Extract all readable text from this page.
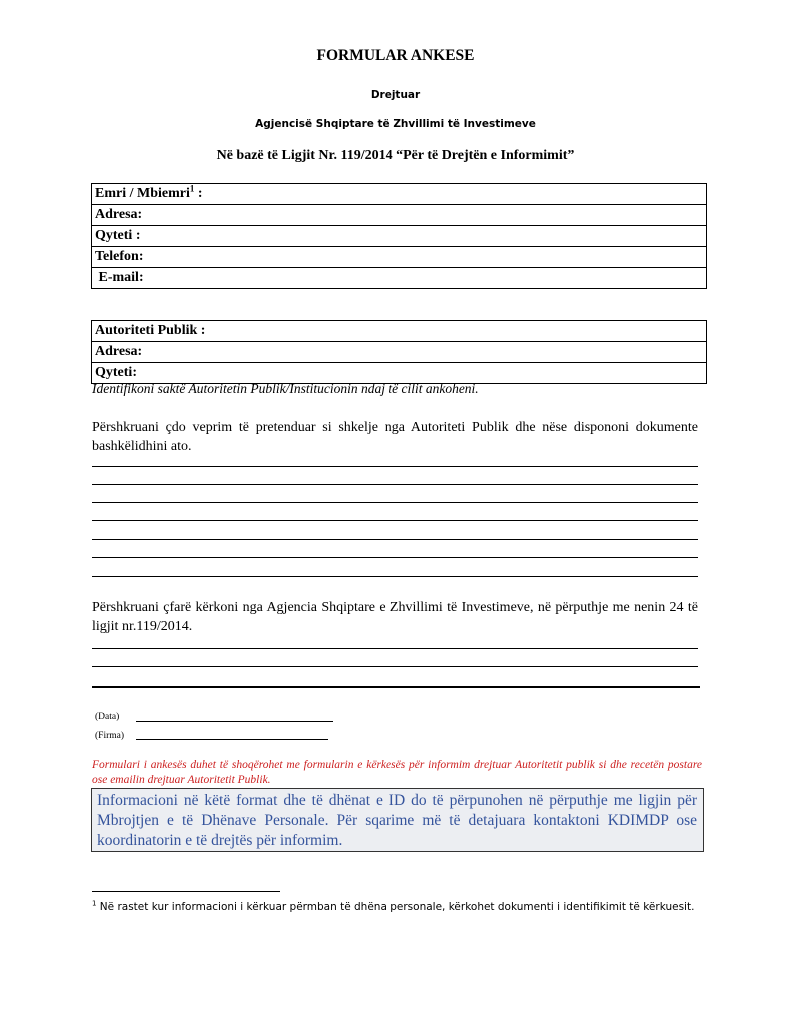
FORMULAR ANKESE
Drejtuar
Agjencisë Shqiptare të Zhvillimi të Investimeve
Në bazë të Ligjit Nr. 119/2014 “Për të Drejtën e Informimit”
Emri / Mbiemri$^1$ :
Adresa:
Qyteti :
Telefon:
E-mail:
Autoriteti Publik :
Adresa:
Qyteti:
Identifikoni saktë Autoritetin Publik/Institucionin ndaj të cilit ankoheni.
Përshkruani çdo veprim të pretenduar si shkelje nga Autoriteti Publik dhe nëse dispononi dokumente bashkëlidhini ato.
Përshkruani çfarë kërkoni nga Agjencia Shqiptare e Zhvillimi të Investimeve, në përputhje me nenin 24 të ligjit nr.119/2014.
(Data)
(Firma)
Formulari i ankesës duhet të shoqërohet me formularin e kërkesës për informim drejtuar Autoritetit publik si dhe recetën postare ose emailin drejtuar Autoritetit Publik.
Informacioni në këtë format dhe të dhënat e ID do të përpunohen në përputhje me ligjin për Mbrojtjen e të Dhënave Personale. Për sqarime më të detajuara kontaktoni KDIMDP ose koordinatorin e të drejtës për informim.
$^1$ Në rastet kur informacioni i kërkuar përmban të dhëna personale, kërkohet dokumenti i identifikimit të kërkuesit.
